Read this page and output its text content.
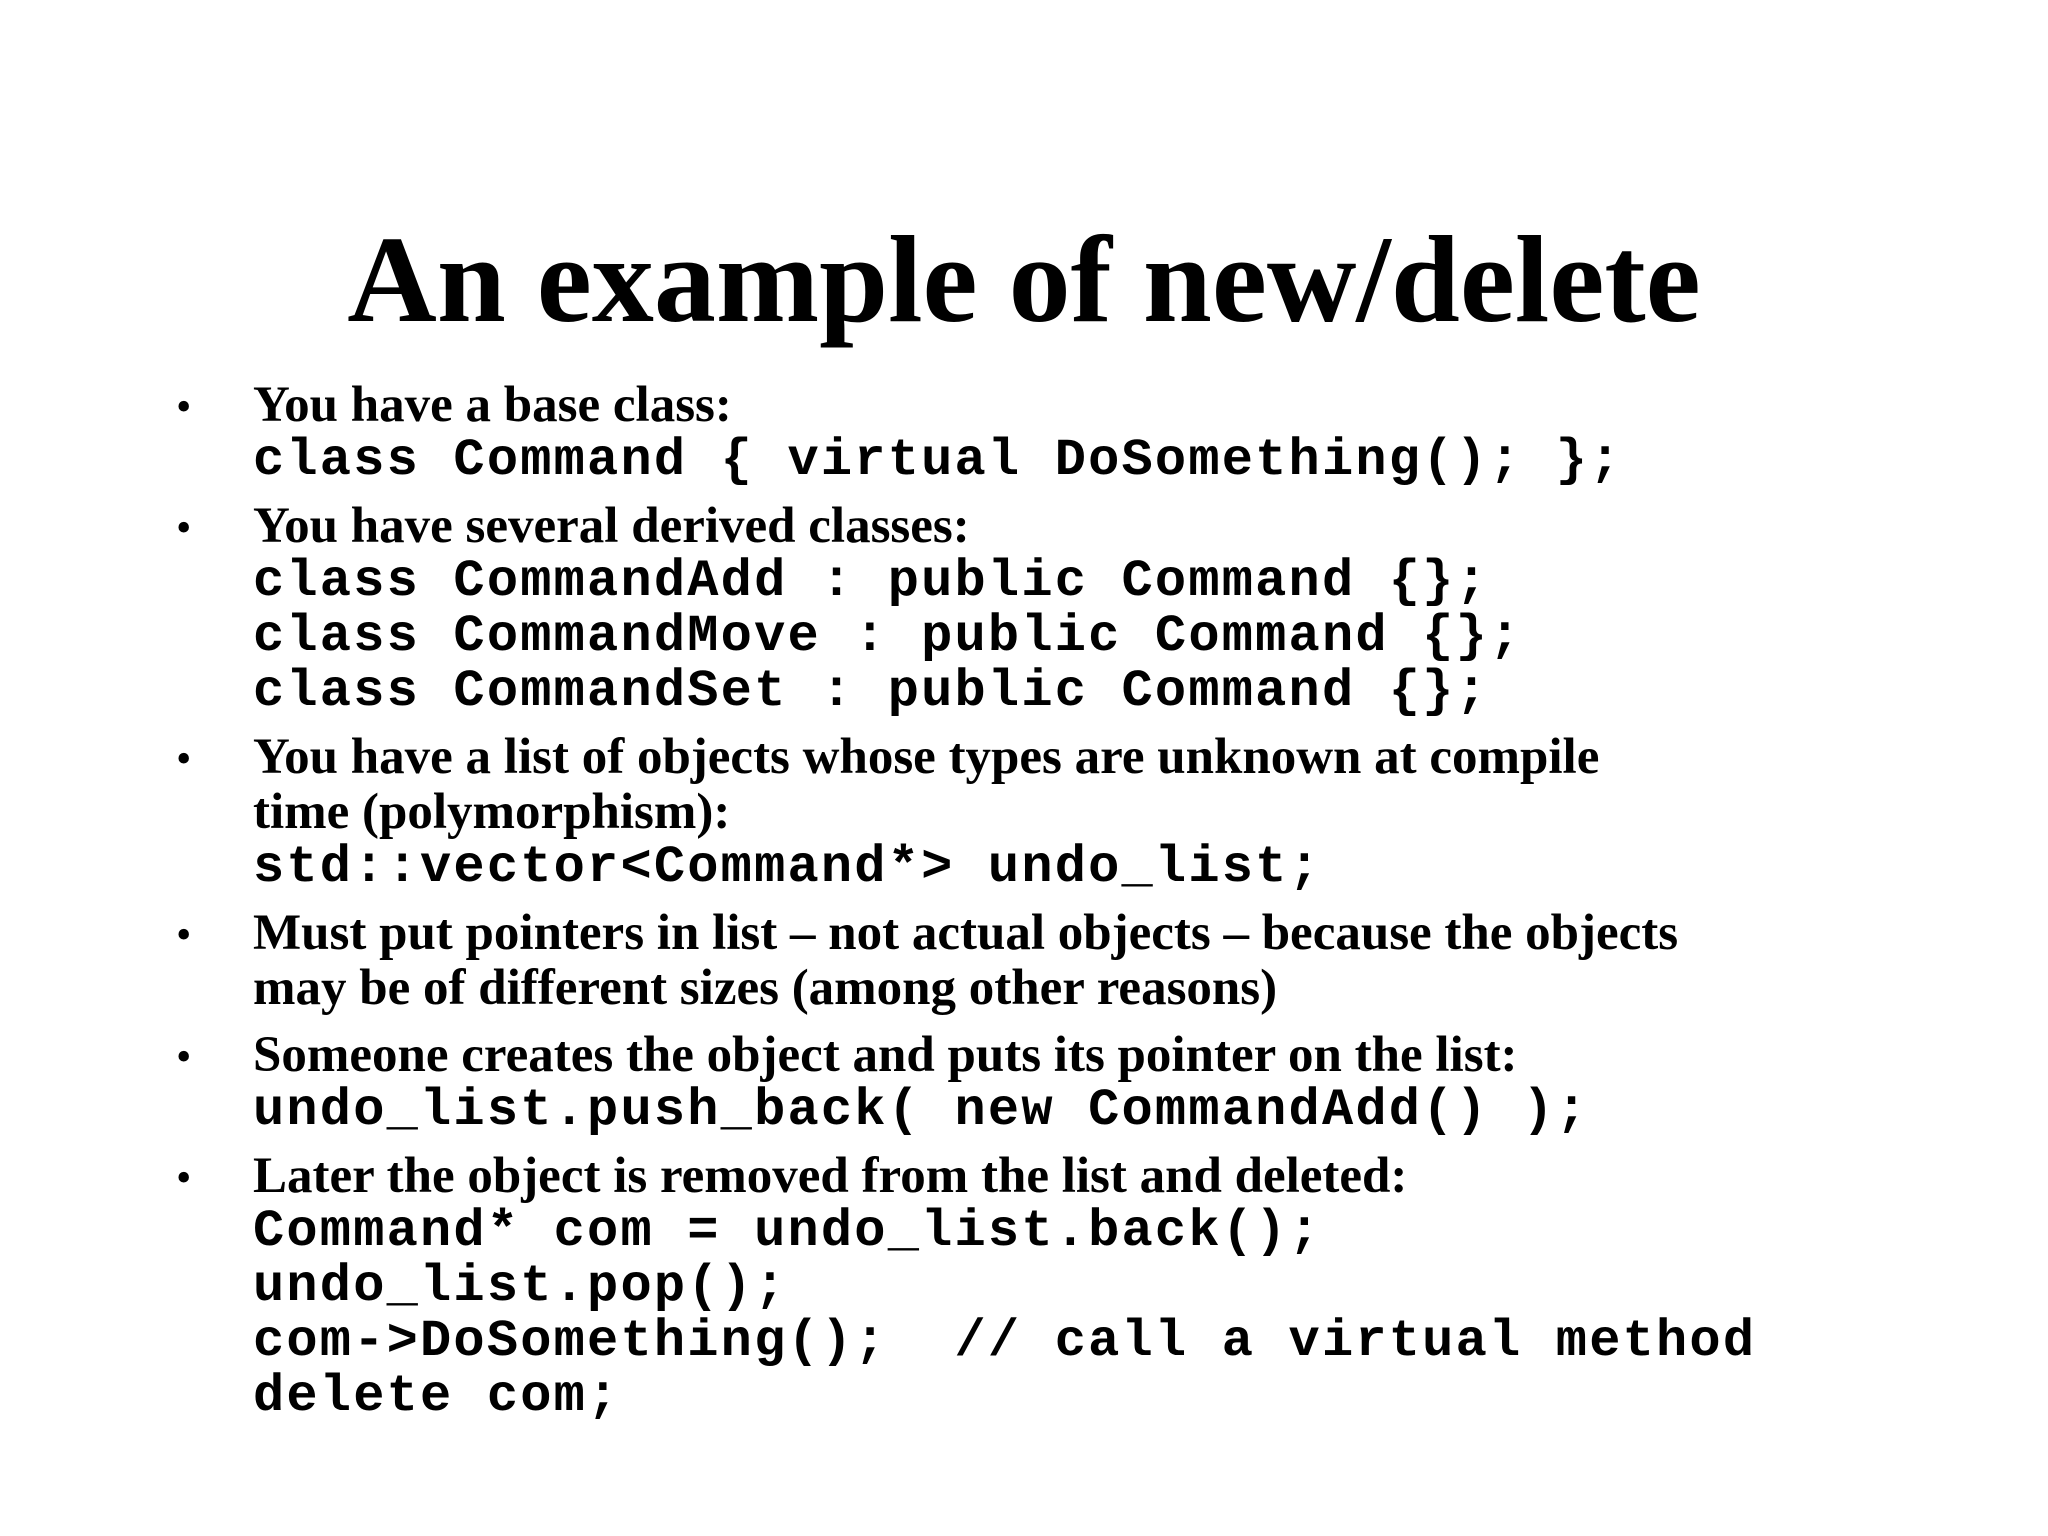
An example of new/delete
• You have a base class:
class Command { virtual DoSomething(); };
• You have several derived classes:
class CommandAdd : public Command {};
class CommandMove : public Command {};
class CommandSet : public Command {};
• You have a list of objects whose types are unknown at compile
time (polymorphism):
std::vector<Command*> undo_list;
• Must put pointers in list – not actual objects – because the objects
may be of different sizes (among other reasons)
• Someone creates the object and puts its pointer on the list:
undo_list.push_back( new CommandAdd() );
• Later the object is removed from the list and deleted:
Command* com = undo_list.back();
undo_list.pop();
com->DoSomething();  // call a virtual method
delete com;
